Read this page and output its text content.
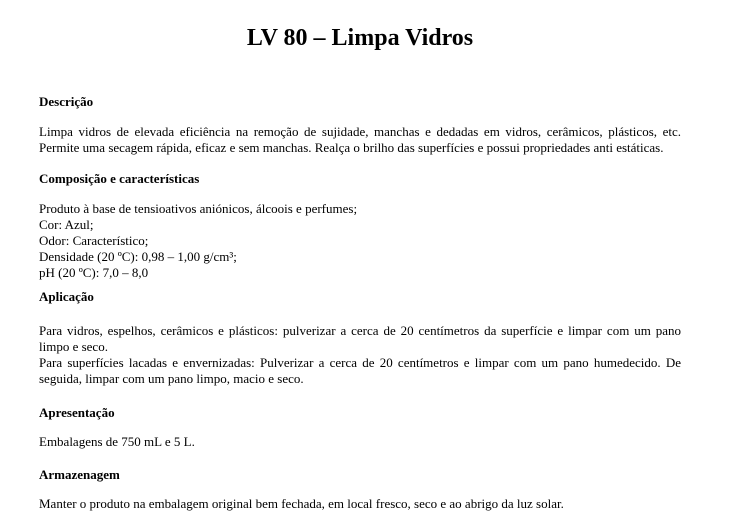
LV 80 – Limpa Vidros
Descrição
Limpa vidros de elevada eficiência na remoção de sujidade, manchas e dedadas em vidros, cerâmicos, plásticos, etc.
Permite uma secagem rápida, eficaz e sem manchas. Realça o brilho das superfícies e possui propriedades anti estáticas.
Composição e características
Produto à base de tensioativos aniónicos, álcoois e perfumes;
Cor: Azul;
Odor: Característico;
Densidade (20 ºC): 0,98 – 1,00 g/cm³;
pH (20 ºC): 7,0 – 8,0
Aplicação
Para vidros, espelhos, cerâmicos e plásticos: pulverizar a cerca de 20 centímetros da superfície e limpar com um pano
limpo e seco.
Para superfícies lacadas e envernizadas: Pulverizar a cerca de 20 centímetros e limpar com um pano humedecido. De
seguida, limpar com um pano limpo, macio e seco.
Apresentação
Embalagens de 750 mL e 5 L.
Armazenagem
Manter o produto na embalagem original bem fechada, em local fresco, seco e ao abrigo da luz solar.
